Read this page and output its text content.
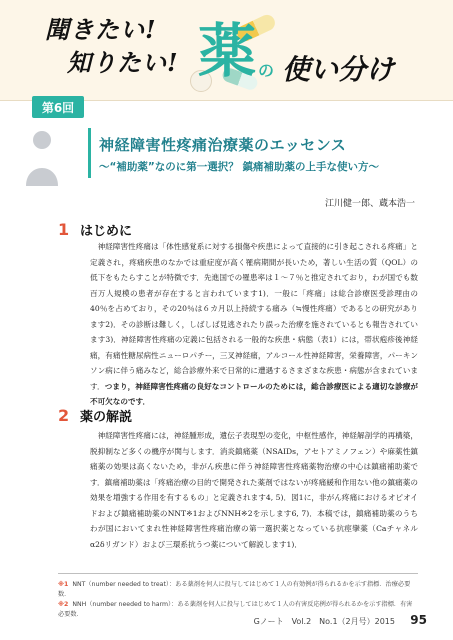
聞きたい!
知りたい! 薬 の 使い分け
第6回
神経障害性疼痛治療薬のエッセンス
～“補助薬”なのに第一選択？ 鎮痛補助薬の上手な使い方～
江川健一郎、蔵本浩一
1 はじめに

神経障害性疼痛は「体性感覚系に対する損傷や疾患によって直接的に引き起こされる疼痛」と定義され，疼痛疾患のなかでは重症度が高く罹病期間が長いため，著しい生活の質（QOL）の低下をもたらすことが特徴です．先進国での罹患率は１～７％と推定されており，わが国でも数百万人規模の患者が存在すると言われています1)．一般に「疼痛」は総合診療医受診理由の40％を占めており，その20％は６カ月以上持続する痛み（≒慢性疼痛）であるとの研究があります2)．その診断は難しく，しばしば見逃されたり誤った治療を施されているとも報告されています3)．神経障害性疼痛の定義に包括される一般的な疾患・病態（表1）には，帯状疱疹後神経痛，有痛性糖尿病性ニューロパチー，三叉神経痛，アルコール性神経障害，栄養障害，パーキンソン病に伴う痛みなど，総合診療外来で日常的に遭遇するさまざまな疾患・病態が含まれています．つまり，神経障害性疼痛の良好なコントロールのためには，総合診療医による適切な診療が不可欠なのです．

2 薬の解説

神経障害性疼痛には，神経腫形成，遺伝子表現型の変化，中枢性感作，神経解剖学的再構築，脱抑制など多くの機序が関与します．消炎鎮痛薬（NSAIDs，アセトアミノフェン）や麻薬性鎮痛薬の効果は高くないため，非がん疾患に伴う神経障害性疼痛薬物治療の中心は鎮痛補助薬です．鎮痛補助薬は「疼痛治療の目的で開発された薬剤ではないが疼痛緩和作用ない他の鎮痛薬の効果を増強する作用を有するもの」と定義されます4, 5)．図1に，非がん疼痛におけるオピオイドおよび鎮痛補助薬のNNT※1およびNNH※2を示します6, 7)．本稿では，鎮痛補助薬のうちわが国においてまれ性神経障害性疼痛治療の第一選択薬となっている抗痙攣薬（Caチャネルα2δリガンド）および三環系抗うつ薬について解説します1)．

※1 NNT（number needed to treat）：ある薬剤を何人に投与してはじめて１人の有効例が得られるかを示す指標．治療必要数．
※2 NNH（number needed to harm）：ある薬剤を何人に投与してはじめて１人の有害反応例が得られるかを示す指標．有害必要数．
Gノート　Vol.2　No.1（2月号）2015 95
